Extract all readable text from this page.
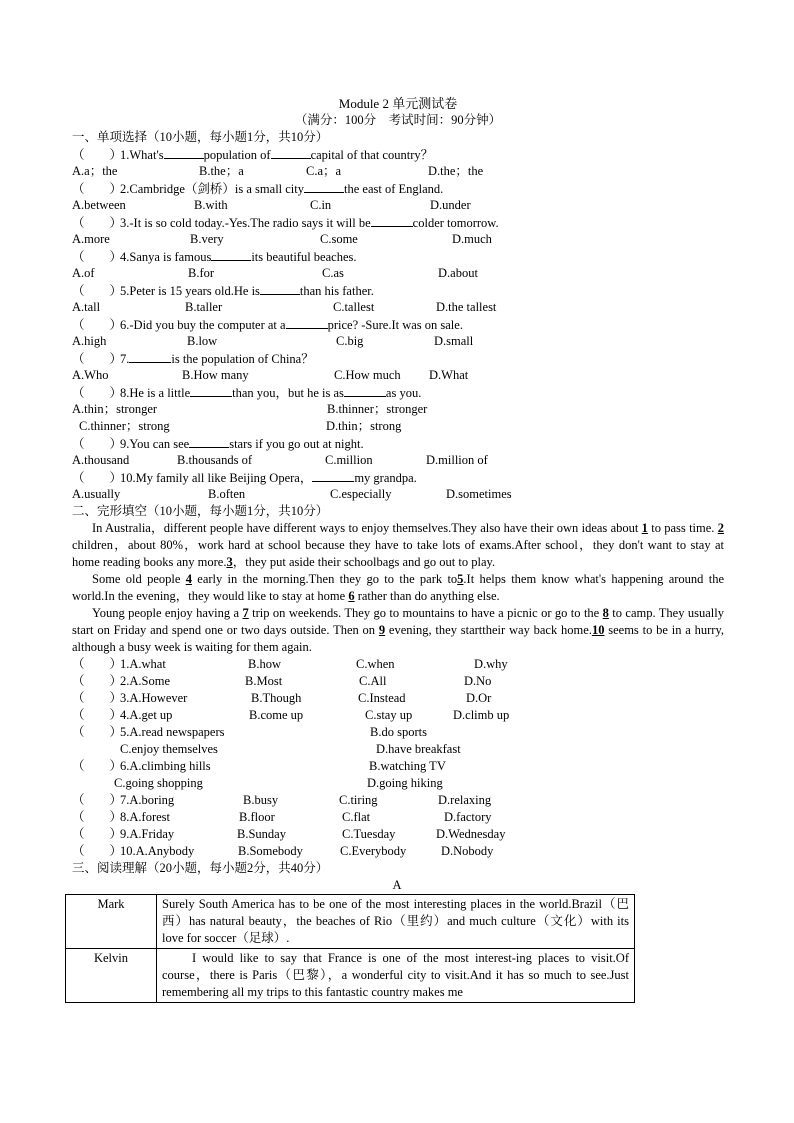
Module 2 单元测试卷
（满分：100分　考试时间：90分钟）
一、单项选择（10小题，每小题1分，共10分）
（　　）1.What's	population of	capital of that country？
A.a；the	B.the；a	C.a；a	D.the；the
（　　）2.Cambridge（剑桥）is a small city	the east of England.
A.between	B.with	C.in	D.under
（　　）3.-It is so cold today.-Yes.The radio says it will be	colder tomorrow.
A.more	B.very	C.some	D.much
（　　）4.Sanya is famous	its beautiful beaches.
A.of	B.for	C.as	D.about
（　　）5.Peter is 15 years old.He is	than his father.
A.tall	B.taller	C.tallest	D.the tallest
（　　）6.-Did you buy the computer at a	price? -Sure.It was on sale.
A.high	B.low	C.big	D.small
（　　）7.	is the population of China？
A.Who	B.How many	C.How much D.What
（　　）8.He is a little	than you，but he is as	as you.
A.thin；stronger	B.thinner；stronger
C.thinner；strong	D.thin；strong
（　　）9.You can see	stars if you go out at night.
A.thousand	B.thousands of	C.million	D.million of
（　　）10.My family all like Beijing Opera，	my grandpa.
A.usually	B.often	C.especially	D.sometimes
二、完形填空（10小题，每小题1分，共10分）

In Australia，different people have different ways to enjoy themselves.They also have their own ideas about 1 to pass time. 2 children，about 80%，work hard at school because they have to take lots of exams.After school，they don't want to stay at home reading books any more.3，they put aside their schoolbags and go out to play.

Some old people 4 early in the morning.Then they go to the park to5.It helps them know what's happening around the world.In the evening，they would like to stay at home 6 rather than do anything else.

Young people enjoy having a 7 trip on weekends. They go to mountains to have a picnic or go to the 8 to camp. They usually start on Friday and spend one or two days outside. Then on 9 evening, they starttheir way back home.10 seems to be in a hurry, although a busy week is waiting for them again.

（　　）
1.A.what	B.how	C.when	D.why
（　　）
2.A.Some	B.Most	C.All	D.No
（　　）
3.A.However	B.Though	C.Instead	D.Or
（　　）
4.A.get up	B.come up	C.stay up	D.climb up
（　　）
5.A.read newspapers	B.do sports
C.enjoy themselves	D.have breakfast
（　　）
6.A.climbing hills	B.watching TV
C.going shopping	D.going hiking
（　　）
7.A.boring	B.busy	C.tiring	D.relaxing
（　　）
8.A.forest	B.floor	C.flat	D.factory
（　　）
9.A.Friday	B.Sunday	C.Tuesday	D.Wednesday
（　　）
10.A.Anybody	B.Somebody	C.Everybody	D.Nobody
三、阅读理解（20小题，每小题2分，共40分）
A
Mark	Surely South America has to be one of the most interesting places in the world.Brazil（巴西）has natural beauty，the beaches of Rio（里约）and much culture（文化）with its love for soccer（足球）.
Kelvin	I would like to say that France is one of the most interest-ing places to visit.Of course，there is Paris（巴黎），a wonderful city to visit.And it has so much to see.Just remembering all my trips to this fantastic country makes me
